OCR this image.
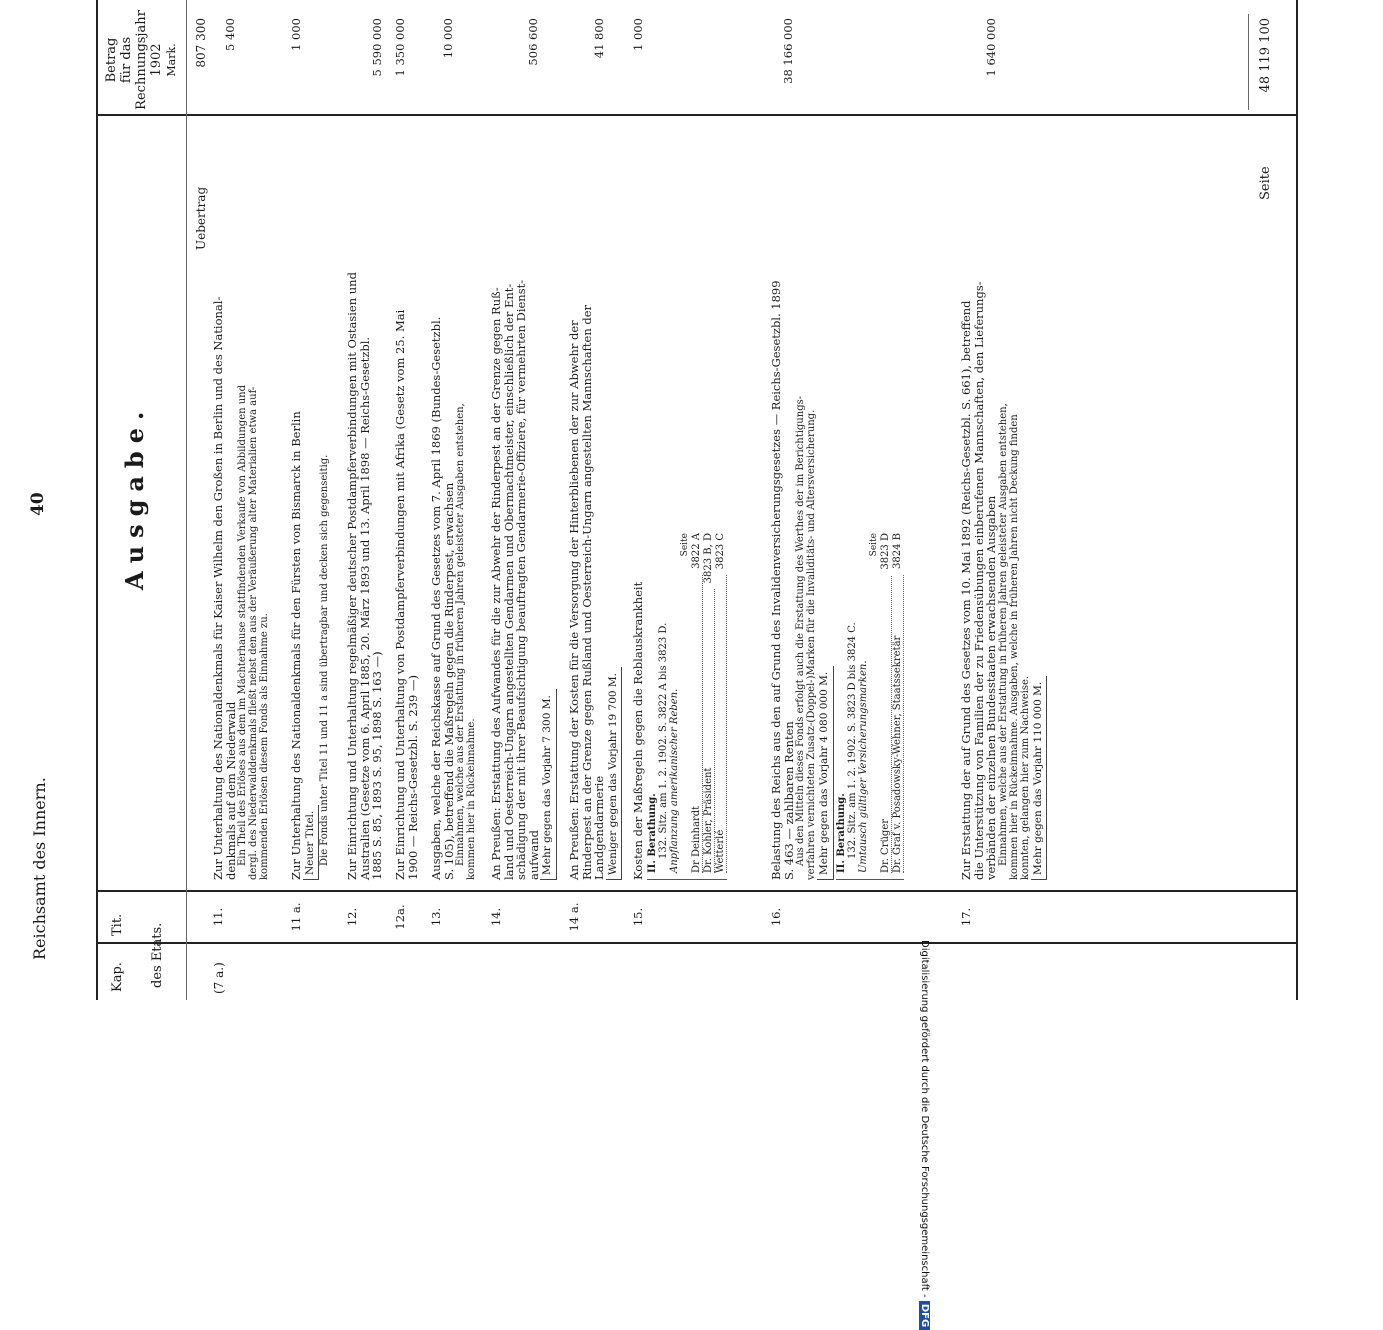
Reichsamt des Innern.
40	Ausgabe.
Kap.
Tit. des Etats.
Betrag für das Rechnungsjahr 1902 Mark.
Uebertrag
807 300
(7 a.)
11.

Zur Unterhaltung des Nationaldenkmals für Kaiser Wilhelm den Großen in Berlin und des National-

denkmals auf dem Niederwald Ein Theil des Erlöses aus dem im Mächterhause stattfindenden Verkaufe von Abbildungen und dergl. des Niederwalddenkmals fließt nebst den aus der Veräußerung alter Materialien etwa auf- kommenden Erlösen diesem Fonds als Einnahme zu.

5 400
11 a.

Zur Unterhaltung des Nationaldenkmals für den Fürsten von Bismarck in Berlin Neuer Titel. Die Fonds unter Titel 11 und 11 a sind übertragbar und decken sich gegenseitig.

1 000
12.

Zur Einrichtung und Unterhaltung regelmäßiger deutscher Postdampferverbindungen mit Ostasien und

Australien (Gesetze vom 6. April 1885, 20. März 1893 und 13. April 1898 — Reichs-Gesetzbl.

1885 S. 85, 1893 S. 95, 1898 S. 163 —)

5 590 000
12a.

Zur Einrichtung und Unterhaltung von Postdampferverbindungen mit Afrika (Gesetz vom 25. Mai

1900 — Reichs-Gesetzbl. S. 239 —)

1 350 000
13.

Ausgaben, welche der Reichskasse auf Grund des Gesetzes vom 7. April 1869 (Bundes-Gesetzbl.

S. 105), betreffend die Maßregeln gegen die Rinderpest, erwachsen Einnahmen, welche aus der Erstattung in früheren Jahren geleisteter Ausgaben entstehen, kommen hier in Rückeinnahme.

10 000
14.

An Preußen: Erstattung des Aufwandes für die zur Abwehr der Rinderpest an der Grenze gegen Ruß-

land und Oesterreich-Ungarn angestellten Gendarmen und Obermachtmeister, einschließlich der Ent-

schädigung der mit ihrer Beaufsichtigung beauftragten Gendarmerie-Offiziere, für vermehrten Dienst-

aufwand Mehr gegen das Vorjahr 7 300 M.
506 600
14 a.

An Preußen: Erstattung der Kosten für die Versorgung der Hinterbliebenen der zur Abwehr der

Rinderpest an der Grenze gegen Rußland und Oesterreich-Ungarn angestellten Mannschaften der

Landgendarmerie Weniger gegen das Vorjahr 19 700 M.
41 800
15.

Kosten der Maßregeln gegen die Reblauskrankheit II. Berathung. 132. Sitz. am 1. 2. 1902. S. 3822 A bis 3823 D. Anpflanzung amerikanischer Reben.
Seite
Dr Deinhardt
3822 A
Dr. Kohler, Präsident
3823 B, D
Wetterlé
3823 C
1 000
16.

Belastung des Reichs aus den auf Grund des Invalidenversicherungsgesetzes — Reichs-Gesetzbl. 1899

S. 463 — zahlbaren Renten Aus den Mitteln dieses Fonds erfolgt auch die Erstattung des Werthes der im Berichtigungs- verfahren vernichteten Zusatz-(Doppel-)Marken für die Invaliditäts- und Altersversicherung. Mehr gegen das Vorjahr 4 080 000 M. II. Berathung. 132. Sitz. am 1. 2. 1902. S. 3823 D bis 3824 C. Umtausch gültiger Versicherungsmarken.
Seite
Dr. Crüger
3823 D
Dr. Graf v. Posadowsky-Wehner, Staatssekretär
3824 B
38 166 000
17.

Zur Erstattung der auf Grund des Gesetzes vom 10. Mai 1892 (Reichs-Gesetzbl. S. 661), betreffend

die Unterstützung von Familien der zu Friedensübungen einberufenen Mannschaften, den Lieferungs-

verbänden der einzelnen Bundesstaaten erwachsenden Ausgaben Einnahmen, welche aus der Erstattung in früheren Jahren geleisteter Ausgaben entstehen, kommen hier in Rückeinnahme. Ausgaben, welche in früheren Jahren nicht Deckung finden konnten, gelangen hier zum Nachweise. Mehr gegen das Vorjahr 110 000 M.
1 640 000
Seite
48 119 100
Digitalisierung gefördert durch die Deutsche Forschungsgemeinschaft - DFG
